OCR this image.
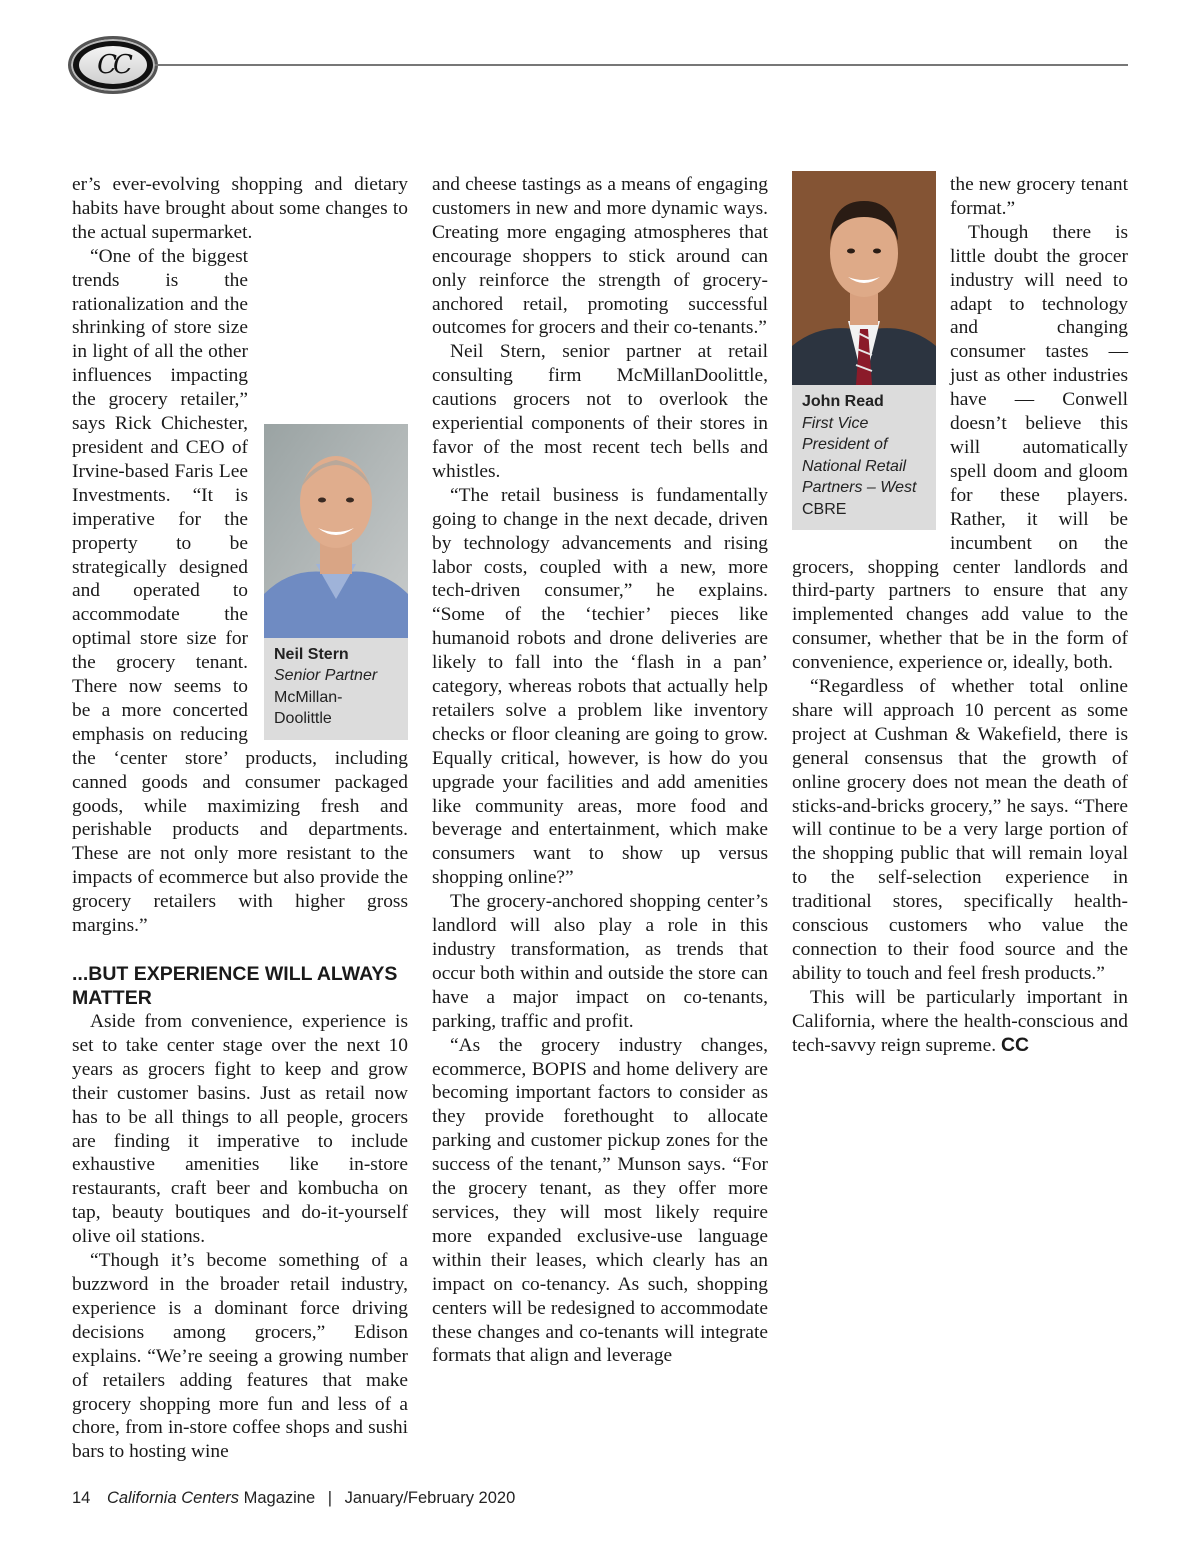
CC

er’s ever-evolving shopping and dietary habits have brought about some changes to the actual supermarket.

Neil Stern
Senior Partner
McMillan-Doolittle

“One of the biggest trends is the rationalization and the shrinking of store size in light of all the other influences impacting the grocery retailer,” says Rick Chichester, president and CEO of Irvine-based Faris Lee Investments. “It is imperative for the property to be strategically designed and operated to accommodate the optimal store size for the grocery tenant. There now seems to be a more concerted emphasis on reducing the ‘center store’ products, including canned goods and consumer packaged goods, while maximizing fresh and perishable products and departments. These are not only more resistant to the impacts of ecommerce but also provide the grocery retailers with higher gross margins.”

...BUT EXPERIENCE WILL ALWAYS MATTER

Aside from convenience, experience is set to take center stage over the next 10 years as grocers fight to keep and grow their customer basins. Just as retail now has to be all things to all people, grocers are finding it imperative to include exhaustive amenities like in-store restaurants, craft beer and kombucha on tap, beauty boutiques and do-it-yourself olive oil stations.

“Though it’s become something of a buzzword in the broader retail industry, experience is a dominant force driving decisions among grocers,” Edison explains. “We’re seeing a growing number of retailers adding features that make grocery shopping more fun and less of a chore, from in-store coffee shops and sushi bars to hosting wine

and cheese tastings as a means of engaging customers in new and more dynamic ways. Creating more engaging atmospheres that encourage shoppers to stick around can only reinforce the strength of grocery-anchored retail, promoting successful outcomes for grocers and their co-tenants.”

Neil Stern, senior partner at retail consulting firm McMillanDoolittle, cautions grocers not to overlook the experiential components of their stores in favor of the most recent tech bells and whistles.

“The retail business is fundamentally going to change in the next decade, driven by technology advancements and rising labor costs, coupled with a new, more tech-driven consumer,” he explains. “Some of the ‘techier’ pieces like humanoid robots and drone deliveries are likely to fall into the ‘flash in a pan’ category, whereas robots that actually help retailers solve a problem like inventory checks or floor cleaning are going to grow. Equally critical, however, is how do you upgrade your facilities and add amenities like community areas, more food and beverage and entertainment, which make consumers want to show up versus shopping online?”

The grocery-anchored shopping center’s landlord will also play a role in this industry transformation, as trends that occur both within and outside the store can have a major impact on co-tenants, parking, traffic and profit.

“As the grocery industry changes, ecommerce, BOPIS and home delivery are becoming important factors to consider as they provide forethought to allocate parking and customer pickup zones for the success of the tenant,” Munson says. “For the grocery tenant, as they offer more services, they will most likely require more expanded exclusive-use language within their leases, which clearly has an impact on co-tenancy. As such, shopping centers will be redesigned to accommodate these changes and co-tenants will integrate formats that align and leverage

John Read
First Vice President of National Retail Partners – West
CBRE

the new grocery tenant format.”

Though there is little doubt the grocer industry will need to adapt to technology and changing consumer tastes — just as other industries have — Conwell doesn’t believe this will automatically spell doom and gloom for these players. Rather, it will be incumbent on the grocers, shopping center landlords and third-party partners to ensure that any implemented changes add value to the consumer, whether that be in the form of convenience, experience or, ideally, both.

“Regardless of whether total online share will approach 10 percent as some project at Cushman & Wakefield, there is general consensus that the growth of online grocery does not mean the death of sticks-and-bricks grocery,” he says. “There will continue to be a very large portion of the shopping public that will remain loyal to the self-selection experience in traditional stores, specifically health-conscious customers who value the connection to their food source and the ability to touch and feel fresh products.”

This will be particularly important in California, where the health-conscious and tech-savvy reign supreme. CC

14 California Centers Magazine | January/February 2020
